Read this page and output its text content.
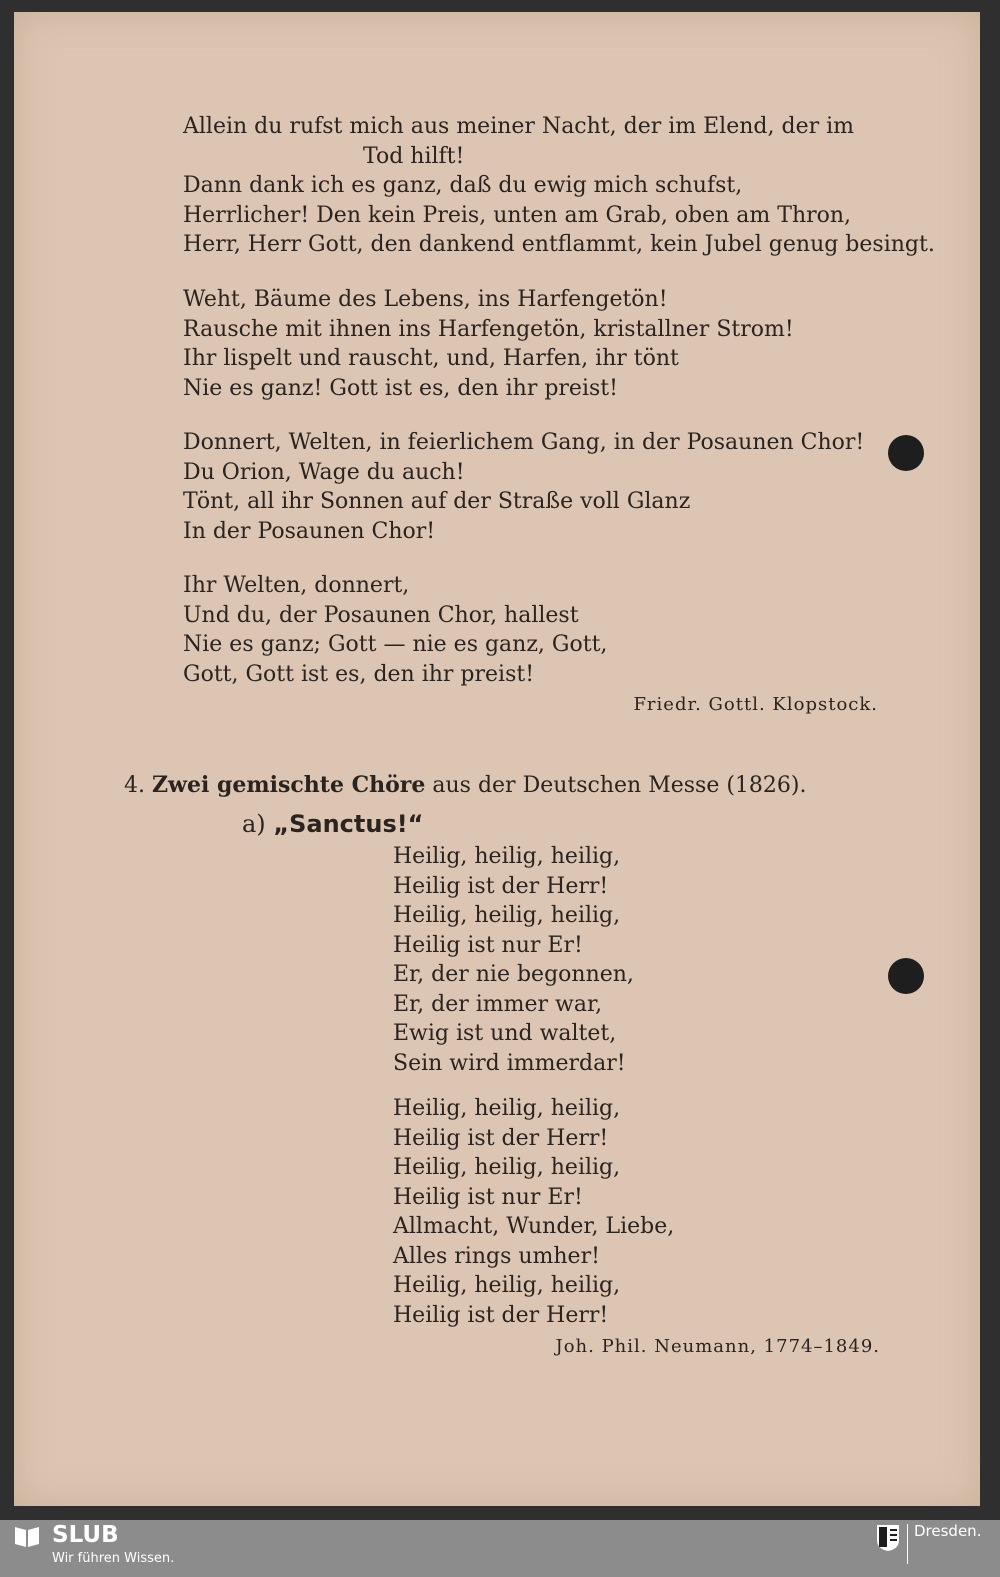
Allein du rufst mich aus meiner Nacht, der im Elend, der im
Tod hilft!
Dann dank ich es ganz, daß du ewig mich schufst,
Herrlicher! Den kein Preis, unten am Grab, oben am Thron,
Herr, Herr Gott, den dankend entflammt, kein Jubel genug besingt.
Weht, Bäume des Lebens, ins Harfengetön!
Rausche mit ihnen ins Harfengetön, kristallner Strom!
Ihr lispelt und rauscht, und, Harfen, ihr tönt
Nie es ganz! Gott ist es, den ihr preist!
Donnert, Welten, in feierlichem Gang, in der Posaunen Chor!
Du Orion, Wage du auch!
Tönt, all ihr Sonnen auf der Straße voll Glanz
In der Posaunen Chor!
Ihr Welten, donnert,
Und du, der Posaunen Chor, hallest
Nie es ganz; Gott — nie es ganz, Gott,
Gott, Gott ist es, den ihr preist!
Friedr. Gottl. Klopstock.
4. Zwei gemischte Chöre aus der Deutschen Messe (1826).
a) „Sanctus!“
Heilig, heilig, heilig,
Heilig ist der Herr!
Heilig, heilig, heilig,
Heilig ist nur Er!
Er, der nie begonnen,
Er, der immer war,
Ewig ist und waltet,
Sein wird immerdar!
Heilig, heilig, heilig,
Heilig ist der Herr!
Heilig, heilig, heilig,
Heilig ist nur Er!
Allmacht, Wunder, Liebe,
Alles rings umher!
Heilig, heilig, heilig,
Heilig ist der Herr!
Joh. Phil. Neumann, 1774–1849.
SLUB
Wir führen Wissen.
Dresden.
